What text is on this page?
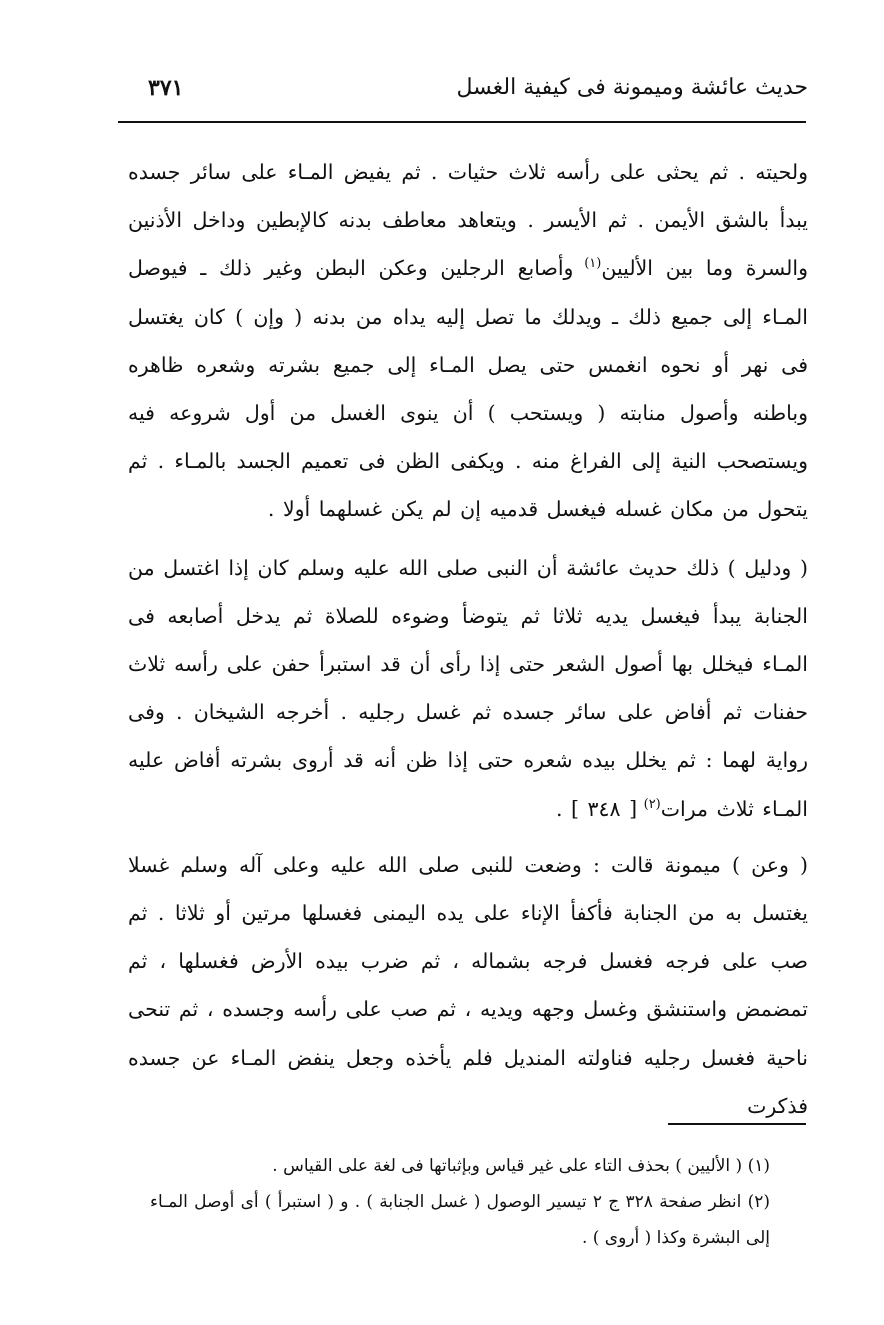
حديث عائشة وميمونة فى كيفية الغسل
٣٧١

ولحيته . ثم يحثى على رأسه ثلاث حثيات . ثم يفيض المـاء على سائر جسده يبدأ بالشق الأيمن . ثم الأيسر . ويتعاهد معاطف بدنه كالإبطين وداخل الأذنين والسرة وما بين الأليين$^{(١)}$ وأصابع الرجلين وعكن البطن وغير ذلك ـ فيوصل المـاء إلى جميع ذلك ـ ويدلك ما تصل إليه يداه من بدنه ( وإن ) كان يغتسل فى نهر أو نحوه انغمس حتى يصل المـاء إلى جميع بشرته وشعره ظاهره وباطنه وأصول منابته ( ويستحب ) أن ينوى الغسل من أول شروعه فيه ويستصحب النية إلى الفراغ منه . ويكفى الظن فى تعميم الجسد بالمـاء . ثم يتحول من مكان غسله فيغسل قدميه إن لم يكن غسلهما أولا .

( ودليل ) ذلك حديث عائشة أن النبى صلى الله عليه وسلم كان إذا اغتسل من الجنابة يبدأ فيغسل يديه ثلاثا ثم يتوضأ وضوءه للصلاة ثم يدخل أصابعه فى المـاء فيخلل بها أصول الشعر حتى إذا رأى أن قد استبرأ حفن على رأسه ثلاث حفنات ثم أفاض على سائر جسده ثم غسل رجليه . أخرجه الشيخان . وفى رواية لهما : ثم يخلل بيده شعره حتى إذا ظن أنه قد أروى بشرته أفاض عليه المـاء ثلاث مرات$^{(٢)}$ [ ٣٤٨ ] .

( وعن ) ميمونة قالت : وضعت للنبى صلى الله عليه وعلى آله وسلم غسلا يغتسل به من الجنابة فأكفأ الإناء على يده اليمنى فغسلها مرتين أو ثلاثا . ثم صب على فرجه فغسل فرجه بشماله ، ثم ضرب بيده الأرض فغسلها ، ثم تمضمض واستنشق وغسل وجهه ويديه ، ثم صب على رأسه وجسده ، ثم تنحى ناحية فغسل رجليه فناولته المنديل فلم يأخذه وجعل ينفض المـاء عن جسده فذكرت

(١) ( الأليين ) بحذف التاء على غير قياس وبإثباتها فى لغة على القياس .

(٢) انظر صفحة ٣٢٨ ج ٢ تيسير الوصول ( غسل الجنابة ) . و ( استبرأ ) أى أوصل المـاء إلى البشرة وكذا ( أروى ) .
